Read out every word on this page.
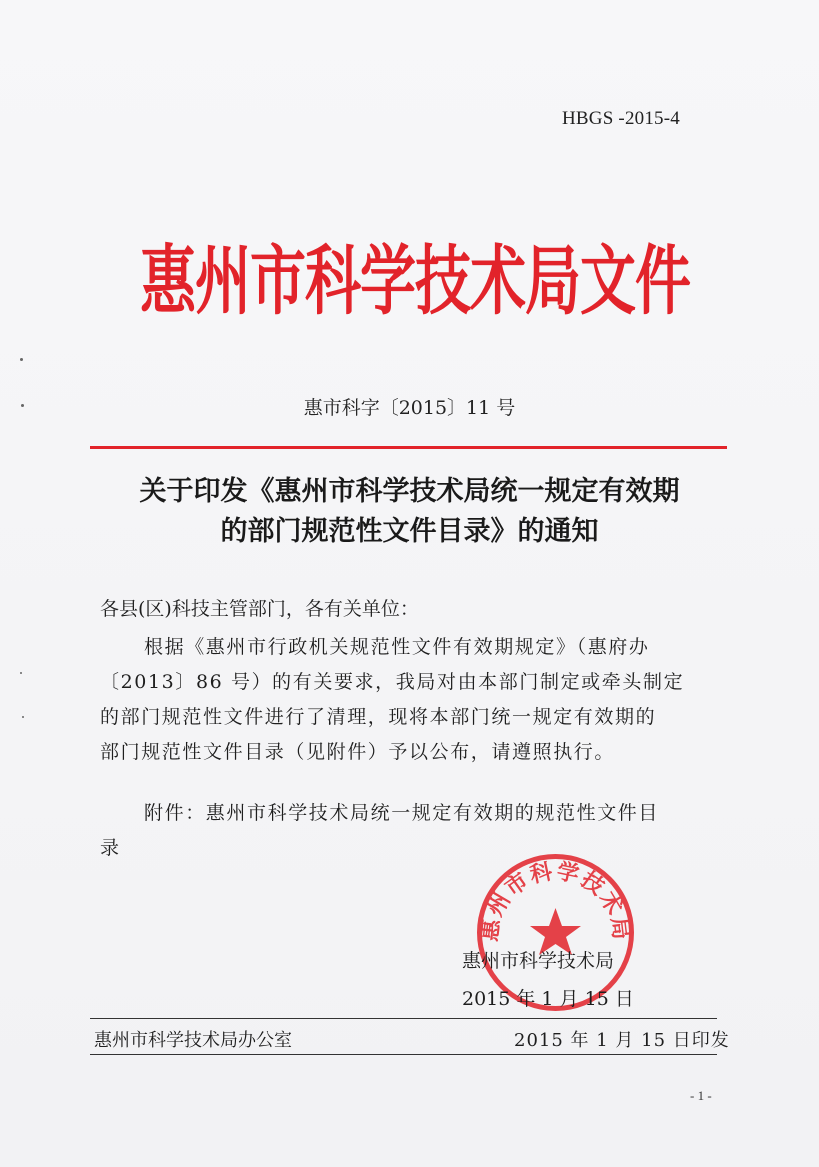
HBGS -2015-4
惠州市科学技术局文件
惠市科字〔2015〕11 号
关于印发《惠州市科学技术局统一规定有效期
的部门规范性文件目录》的通知
各县(区)科技主管部门，各有关单位：
根据《惠州市行政机关规范性文件有效期规定》（惠府办
〔2013〕86 号）的有关要求，我局对由本部门制定或牵头制定
的部门规范性文件进行了清理，现将本部门统一规定有效期的
部门规范性文件目录（见附件）予以公布，请遵照执行。
附件：惠州市科学技术局统一规定有效期的规范性文件目
录
惠州市科学技术局
惠州市科学技术局
2015 年 1 月 15 日
惠州市科学技术局办公室	2015 年 1 月 15 日印发
- 1 -
